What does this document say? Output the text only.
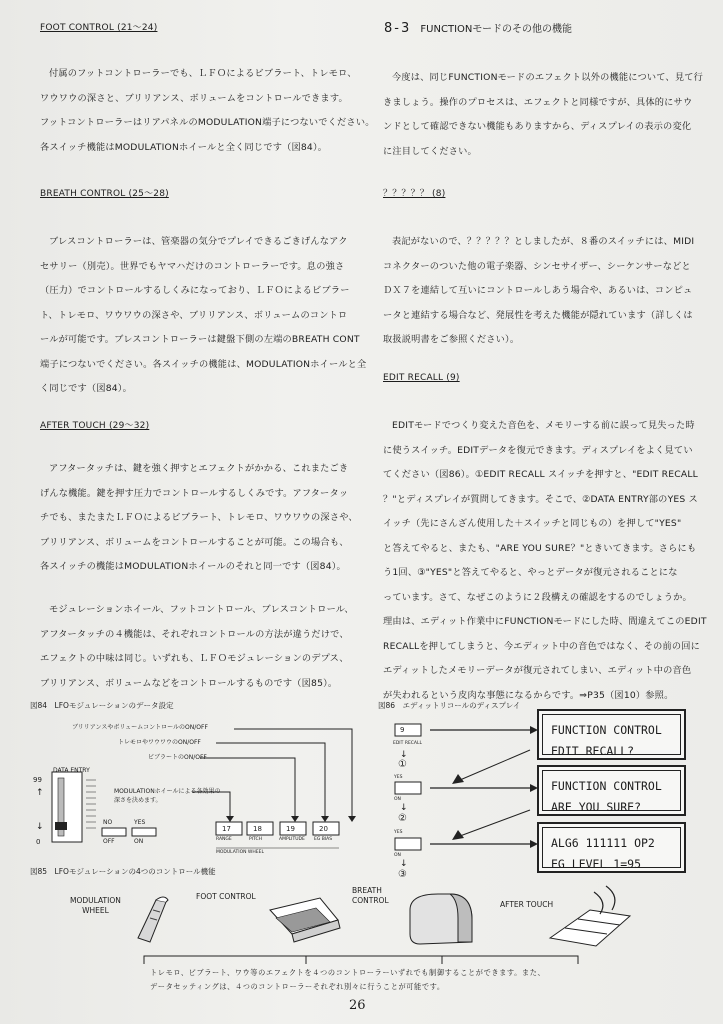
FOOT CONTROL (21〜24)

付属のフットコントローラーでも、ＬＦＯによるビブラート、トレモロ、

ワウワウの深さと、ブリリアンス、ボリュームをコントロールできます。

フットコントローラーはリアパネルのMODULATION端子につないでください。

各スイッチ機能はMODULATIONホイールと全く同じです（図84）。

BREATH CONTROL (25〜28)

ブレスコントローラーは、管楽器の気分でプレイできるごきげんなアク

セサリー（別売）。世界でもヤマハだけのコントローラーです。息の強さ

（圧力）でコントロールするしくみになっており、ＬＦＯによるビブラー

ト、トレモロ、ワウワウの深さや、ブリリアンス、ボリュームのコントロ

ールが可能です。ブレスコントローラーは鍵盤下側の左端のBREATH CONT

端子につないでください。各スイッチの機能は、MODULATIONホイールと全

く同じです（図84）。

AFTER TOUCH (29〜32)

アフタータッチは、鍵を強く押すとエフェクトがかかる、これまたごき

げんな機能。鍵を押す圧力でコントロールするしくみです。アフタータッ

チでも、またまたＬＦＯによるビブラート、トレモロ、ワウワウの深さや、

ブリリアンス、ボリュームをコントロールすることが可能。この場合も、

各スイッチの機能はMODULATIONホイールのそれと同一です（図84）。

モジュレーションホイール、フットコントロール、ブレスコントロール、

アフタータッチの４機能は、それぞれコントロールの方法が違うだけで、

エフェクトの中味は同じ。いずれも、ＬＦＯモジュレーションのデプス、

ブリリアンス、ボリュームなどをコントロールするものです（図85）。

8-3 FUNCTIONモードのその他の機能

今度は、同じFUNCTIONモードのエフェクト以外の機能について、見て行

きましょう。操作のプロセスは、エフェクトと同様ですが、具体的にサウ

ンドとして確認できない機能もありますから、ディスプレイの表示の変化

に注目してください。

？？？？？ (8)

表記がないので、？？？？？としましたが、８番のスイッチには、MIDI

コネクターのついた他の電子楽器、シンセサイザー、シーケンサーなどと

ＤＸ７を連結して互いにコントロールしあう場合や、あるいは、コンピュ

ータと連結する場合など、発展性を考えた機能が隠れています（詳しくは

取扱説明書をご参照ください）。

EDIT RECALL (9)

EDITモードでつくり変えた音色を、メモリーする前に誤って見失った時

に使うスイッチ。EDITデータを復元できます。ディスプレイをよく見てい

てください（図86）。①EDIT RECALL スイッチを押すと、"EDIT RECALL

？"とディスプレイが質問してきます。そこで、②DATA ENTRY部のYES ス

イッチ（先にさんざん使用した＋スイッチと同じもの）を押して"YES"

と答えてやると、またも、"ARE YOU SURE？"ときいてきます。さらにも

う1回、③"YES"と答えてやると、やっとデータが復元されることにな

っています。さて、なぜこのように２段構えの確認をするのでしょうか。

理由は、エディット作業中にFUNCTIONモードにした時、間違えてこのEDIT

RECALLを押してしまうと、今エディット中の音色ではなく、その前の回に

エディットしたメモリーデータが復元されてしまい、エディット中の音色

が失われるという皮肉な事態になるからです。⇒P35（図10）参照。

図84　LFOモジュレーションのデータ設定
ブリリアンスやボリュームコントロールのON/OFF
トレモロやワウワウのON/OFF
ビブラートのON/OFF
DATA ENTRY
99
0
↑
↓
MODULATIONホイールによる各効果の深さを決めます。
NO	YES
OFF	ON
17	18	19	20
RANGE	PITCH	AMPLITUDE EG BIAS
MODULATION WHEEL
図86　エディットリコールのディスプレイ
9
EDIT RECALL
↓
①
YES
ON
↓
②
YES
ON
↓
③
FUNCTION CONTROL
EDIT RECALL?
FUNCTION CONTROL
ARE YOU SURE?
ALG6 111111 OP2
EG LEVEL 1=95
図85　LFOモジュレーションの4つのコントロール機能
MODULATION
WHEEL
FOOT CONTROL
BREATH
CONTROL	AFTER TOUCH
トレモロ、ビブラート、ワウ等のエフェクトを４つのコントローラーいずれでも制御することができます。また、
データセッティングは、４つのコントローラーそれぞれ別々に行うことが可能です。
26
